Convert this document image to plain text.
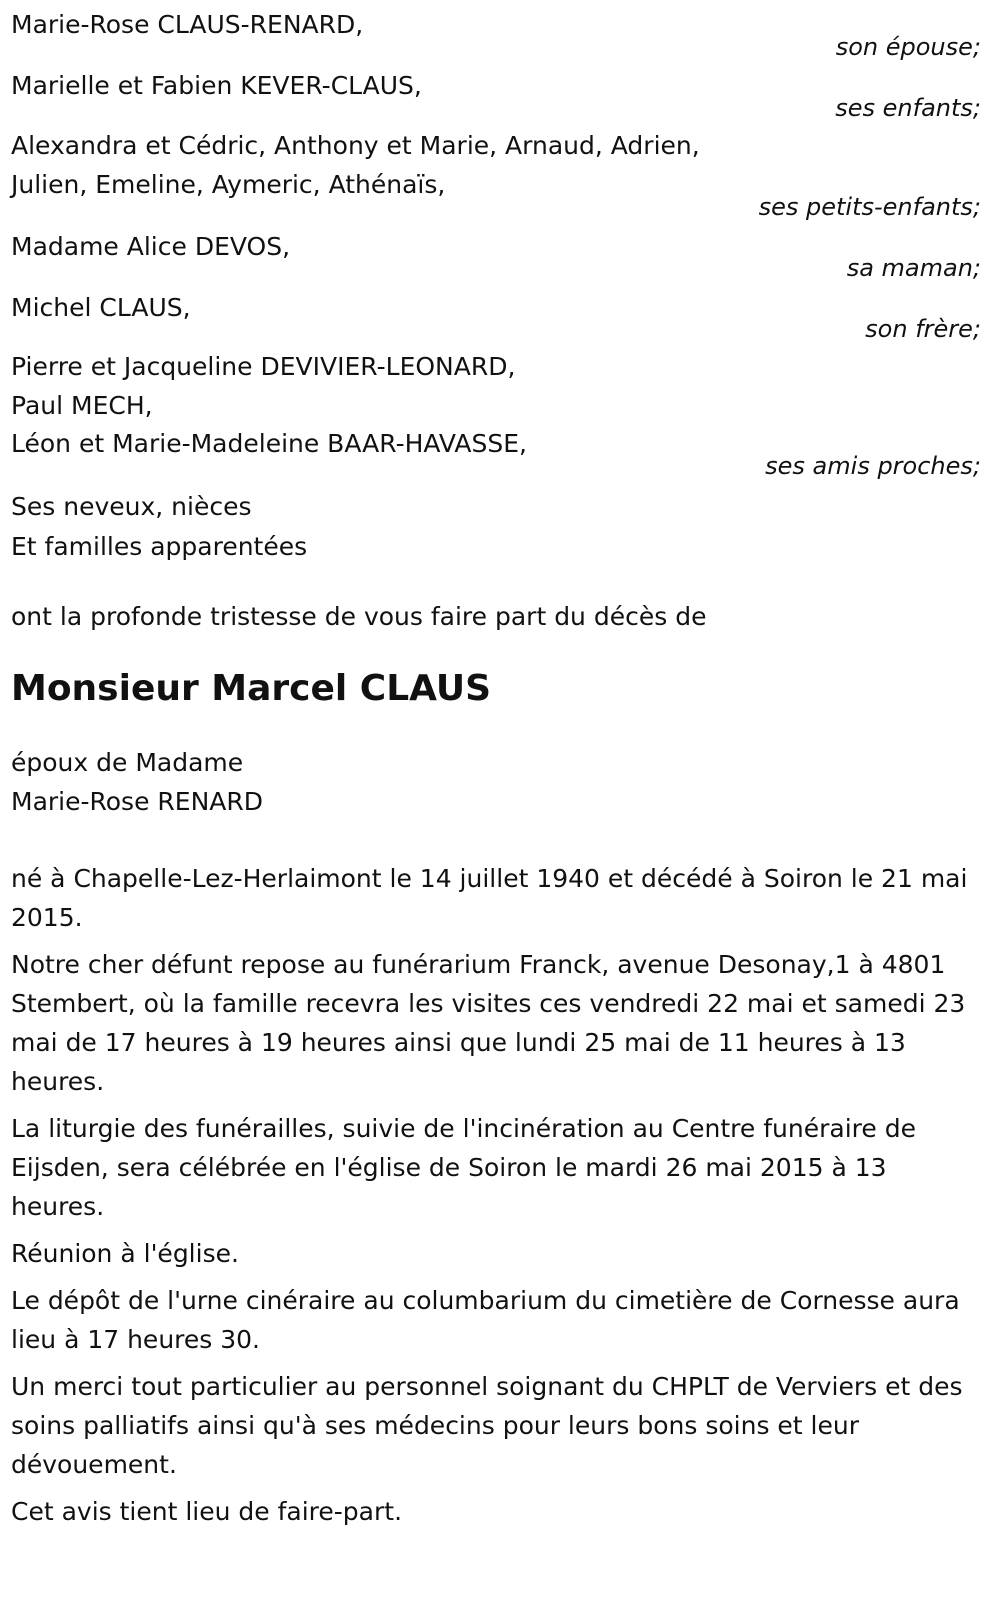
Marie-Rose CLAUS-RENARD,
son épouse;
Marielle et Fabien KEVER-CLAUS,
ses enfants;
Alexandra et Cédric, Anthony et Marie, Arnaud, Adrien,
Julien, Emeline, Aymeric, Athénaïs,
ses petits-enfants;
Madame Alice DEVOS,
sa maman;
Michel CLAUS,
son frère;
Pierre et Jacqueline DEVIVIER-LEONARD,
Paul MECH,
Léon et Marie-Madeleine BAAR-HAVASSE,
ses amis proches;
Ses neveux, nièces
Et familles apparentées

ont la profonde tristesse de vous faire part du décès de

Monsieur Marcel CLAUS
époux de Madame
Marie-Rose RENARD

né à Chapelle-Lez-Herlaimont le 14 juillet 1940 et décédé à Soiron le 21 mai 2015.

Notre cher défunt repose au funérarium Franck, avenue Desonay,1 à 4801 Stembert, où la famille recevra les visites ces vendredi 22 mai et samedi 23 mai de 17 heures à 19 heures ainsi que lundi 25 mai de 11 heures à 13 heures.

La liturgie des funérailles, suivie de l'incinération au Centre funéraire de Eijsden, sera célébrée en l'église de Soiron le mardi 26 mai 2015 à 13 heures.

Réunion à l'église.

Le dépôt de l'urne cinéraire au columbarium du cimetière de Cornesse aura lieu à 17 heures 30.

Un merci tout particulier au personnel soignant du CHPLT de Verviers et des soins palliatifs ainsi qu'à ses médecins pour leurs bons soins et leur dévouement.

Cet avis tient lieu de faire-part.
